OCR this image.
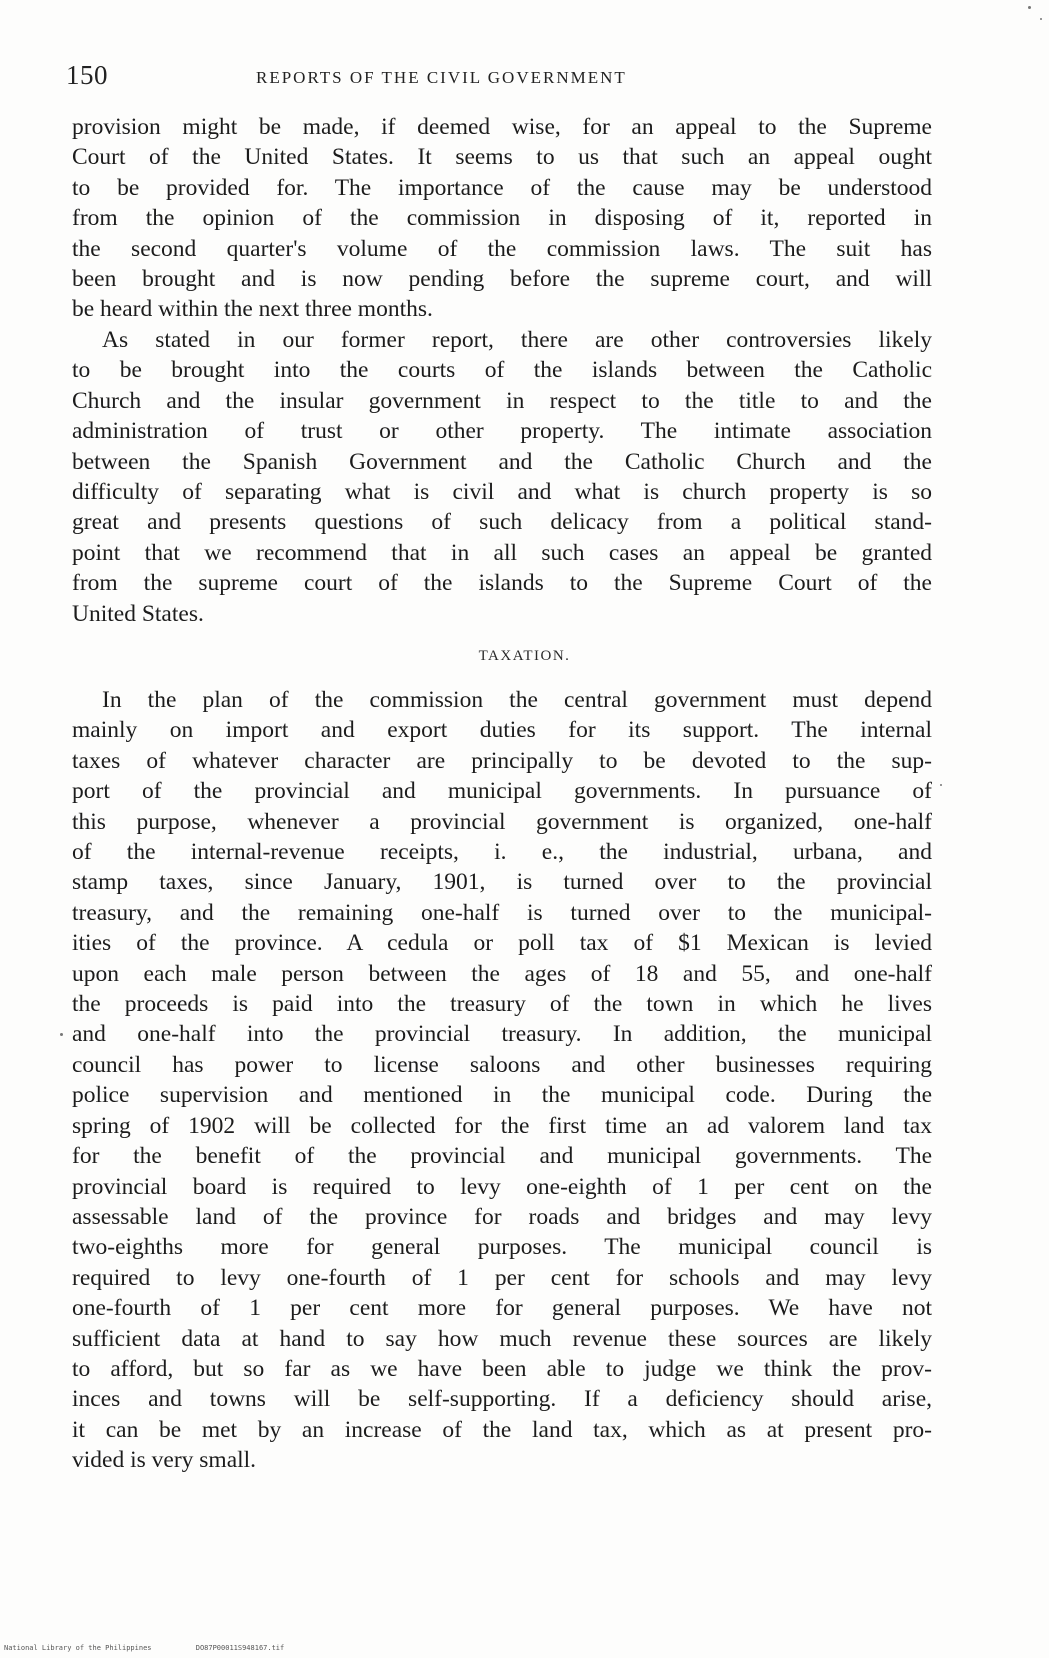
150	REPORTS OF THE CIVIL GOVERNMENT
provision might be made, if deemed wise, for an appeal to the Supreme
Court of the United States. It seems to us that such an appeal ought
to be provided for. The importance of the cause may be understood
from the opinion of the commission in disposing of it, reported in
the second quarter's volume of the commission laws. The suit has
been brought and is now pending before the supreme court, and will
be heard within the next three months.
As stated in our former report, there are other controversies likely
to be brought into the courts of the islands between the Catholic
Church and the insular government in respect to the title to and the
administration of trust or other property. The intimate association
between the Spanish Government and the Catholic Church and the
difficulty of separating what is civil and what is church property is so
great and presents questions of such delicacy from a political stand-
point that we recommend that in all such cases an appeal be granted
from the supreme court of the islands to the Supreme Court of the
United States.
TAXATION.
In the plan of the commission the central government must depend
mainly on import and export duties for its support. The internal
taxes of whatever character are principally to be devoted to the sup-
port of the provincial and municipal governments. In pursuance of
this purpose, whenever a provincial government is organized, one-half
of the internal-revenue receipts, i. e., the industrial, urbana, and
stamp taxes, since January, 1901, is turned over to the provincial
treasury, and the remaining one-half is turned over to the municipal-
ities of the province. A cedula or poll tax of $1 Mexican is levied
upon each male person between the ages of 18 and 55, and one-half
the proceeds is paid into the treasury of the town in which he lives
and one-half into the provincial treasury. In addition, the municipal
council has power to license saloons and other businesses requiring
police supervision and mentioned in the municipal code. During the
spring of 1902 will be collected for the first time an ad valorem land tax
for the benefit of the provincial and municipal governments. The
provincial board is required to levy one-eighth of 1 per cent on the
assessable land of the province for roads and bridges and may levy
two-eighths more for general purposes. The municipal council is
required to levy one-fourth of 1 per cent for schools and may levy
one-fourth of 1 per cent more for general purposes. We have not
sufficient data at hand to say how much revenue these sources are likely
to afford, but so far as we have been able to judge we think the prov-
inces and towns will be self-supporting. If a deficiency should arise,
it can be met by an increase of the land tax, which as at present pro-
vided is very small.
National Library of the Philippines	DO87P00011S948167.tif
